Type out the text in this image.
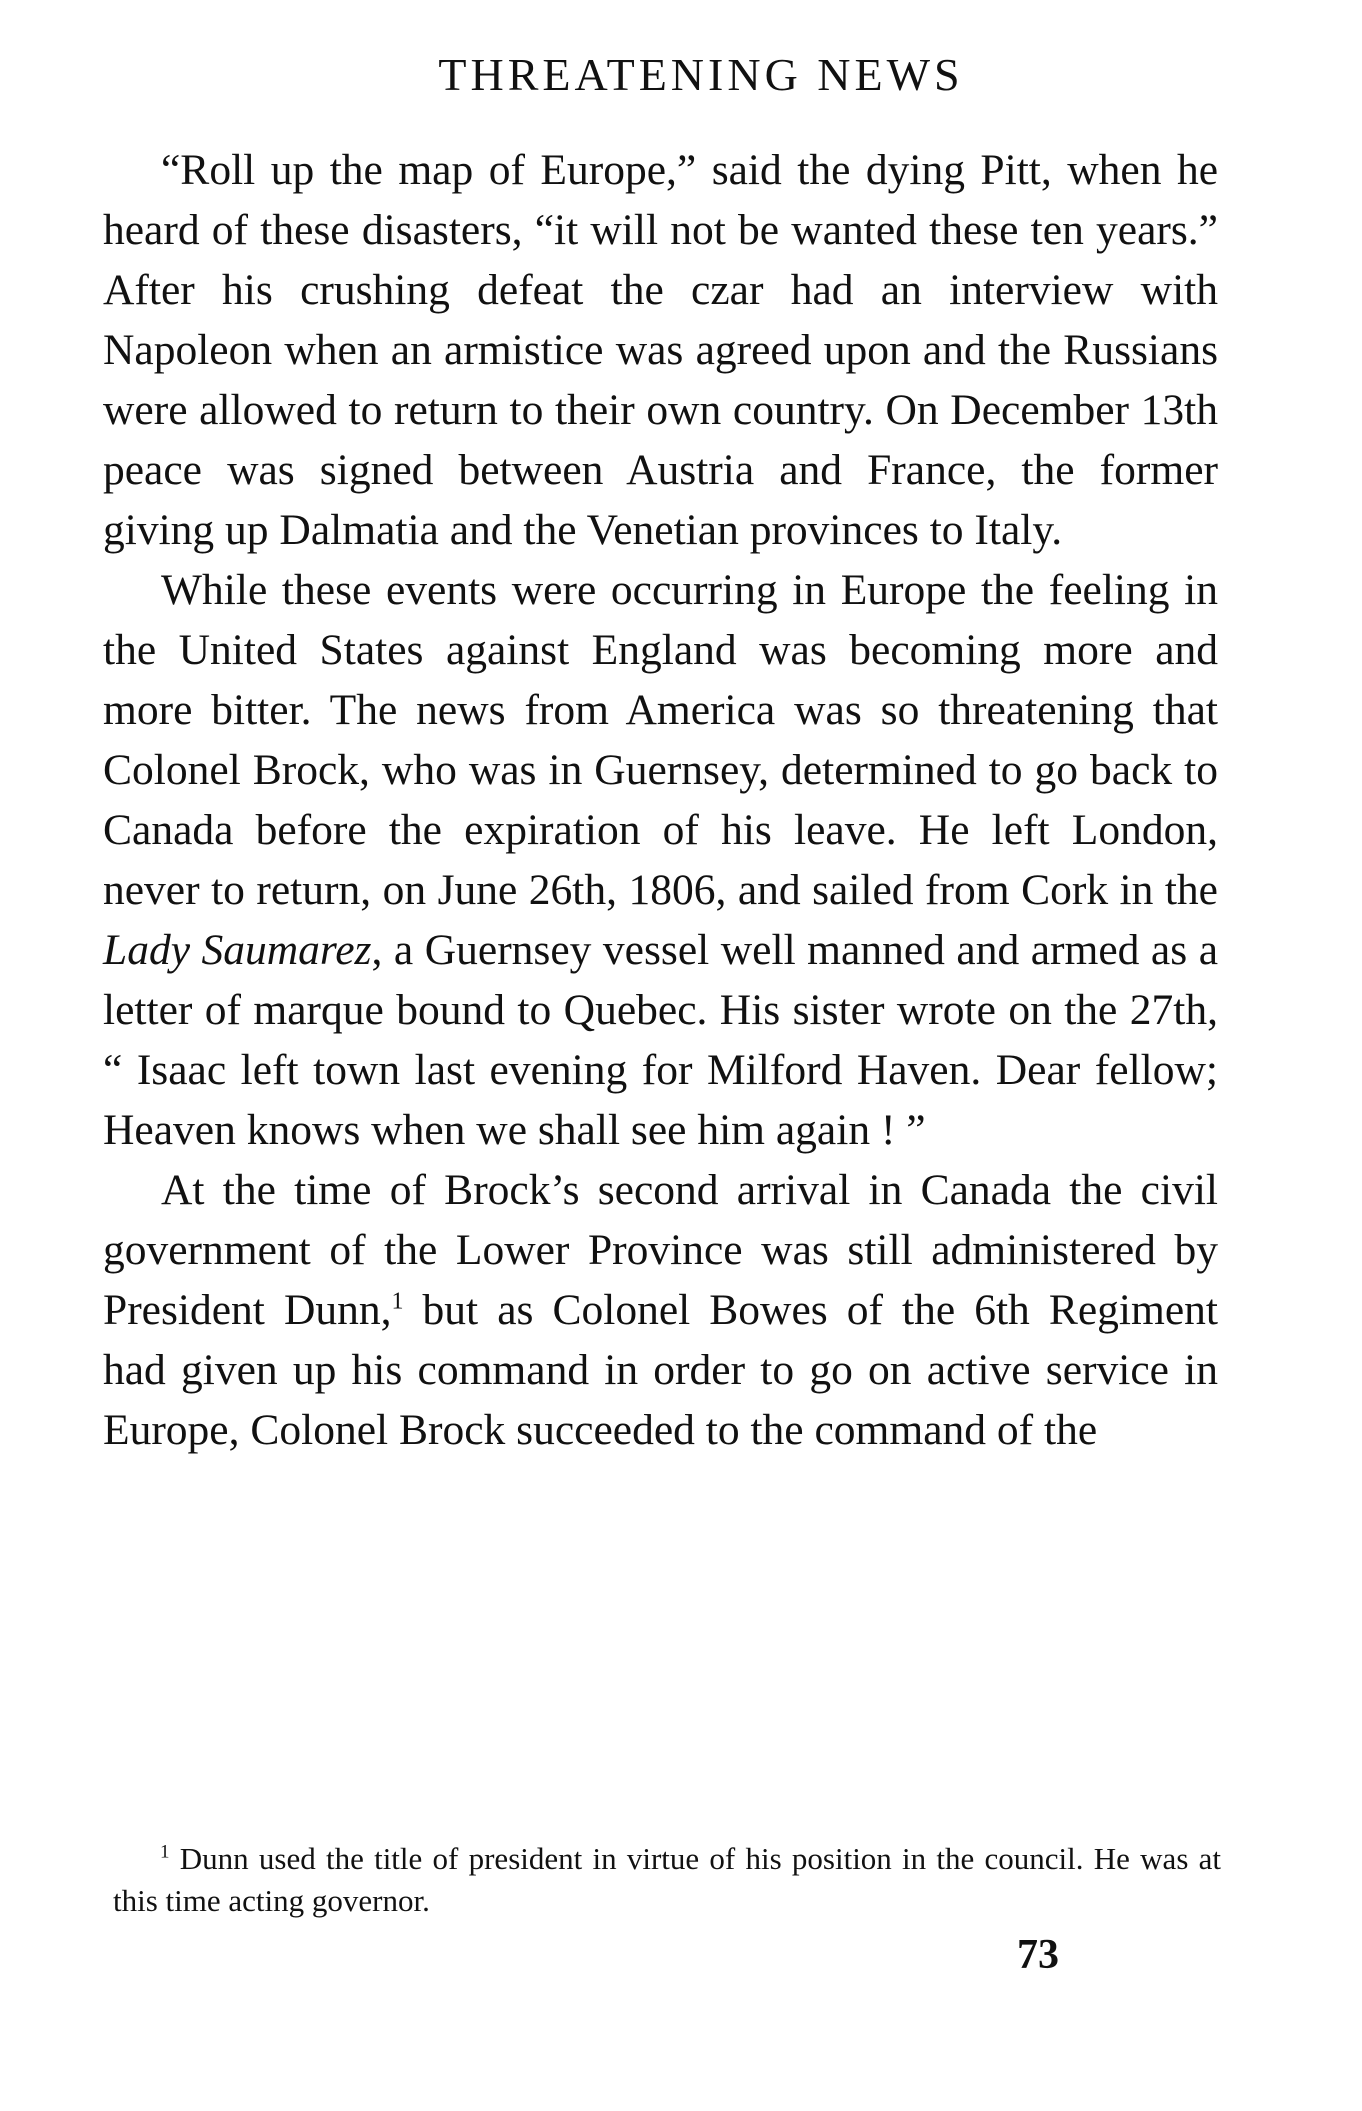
THREATENING NEWS

“Roll up the map of Europe,” said the dying Pitt, when he heard of these disasters, “it will not be wanted these ten years.” After his crushing defeat the czar had an interview with Napoleon when an armistice was agreed upon and the Russians were allowed to return to their own country. On December 13th peace was signed between Austria and France, the former giving up Dalmatia and the Venetian provinces to Italy.

While these events were occurring in Europe the feeling in the United States against England was becoming more and more bitter. The news from America was so threatening that Colonel Brock, who was in Guernsey, determined to go back to Canada before the expiration of his leave. He left London, never to return, on June 26th, 1806, and sailed from Cork in the Lady Saumarez, a Guernsey vessel well manned and armed as a letter of marque bound to Quebec. His sister wrote on the 27th, “ Isaac left town last evening for Milford Haven. Dear fellow; Heaven knows when we shall see him again ! ”

At the time of Brock’s second arrival in Canada the civil government of the Lower Province was still administered by President Dunn,$^1$ but as Colonel Bowes of the 6th Regiment had given up his command in order to go on active service in Europe, Colonel Brock succeeded to the command of the

$^1$ Dunn used the title of president in virtue of his position in the council. He was at this time acting governor.
73
